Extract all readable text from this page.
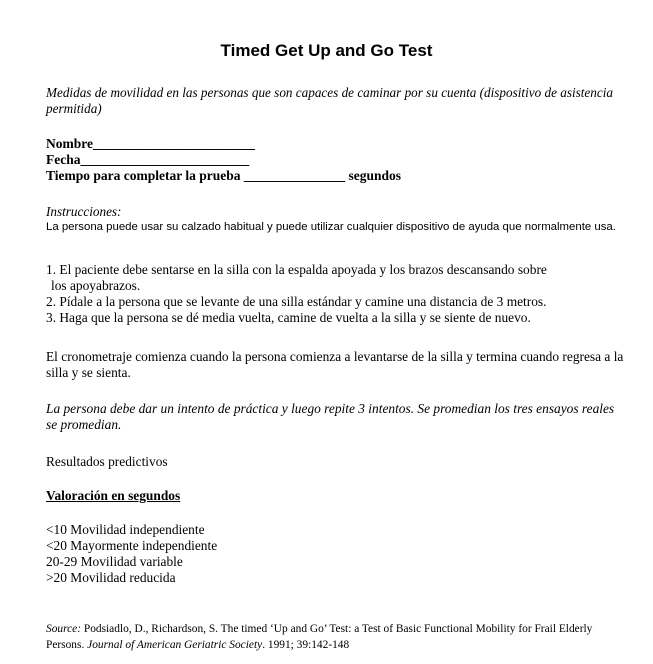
Timed Get Up and Go Test

Medidas de movilidad en las personas que son capaces de caminar por su cuenta (dispositivo de asistencia permitida)

Nombre________________________
Fecha_________________________
Tiempo para completar la prueba _______________ segundos
Instrucciones:
La persona puede usar su calzado habitual y puede utilizar cualquier dispositivo de ayuda que normalmente usa.
1. El paciente debe sentarse en la silla con la espalda apoyada y los brazos descansando sobre
los apoyabrazos.
2. Pídale a la persona que se levante de una silla estándar y camine una distancia de 3 metros.
3. Haga que la persona se dé media vuelta, camine de vuelta a la silla y se siente de nuevo.

El cronometraje comienza cuando la persona comienza a levantarse de la silla y termina cuando regresa a la silla y se sienta.

La persona debe dar un intento de práctica y luego repite 3 intentos. Se promedian los tres ensayos reales se promedian.

Resultados predictivos

Valoración en segundos

<10 Movilidad independiente
<20 Mayormente independiente
20-29 Movilidad variable
>20 Movilidad reducida

Source: Podsiadlo, D., Richardson, S. The timed ‘Up and Go’ Test: a Test of Basic Functional Mobility for Frail Elderly Persons. Journal of American Geriatric Society. 1991; 39:142-148
